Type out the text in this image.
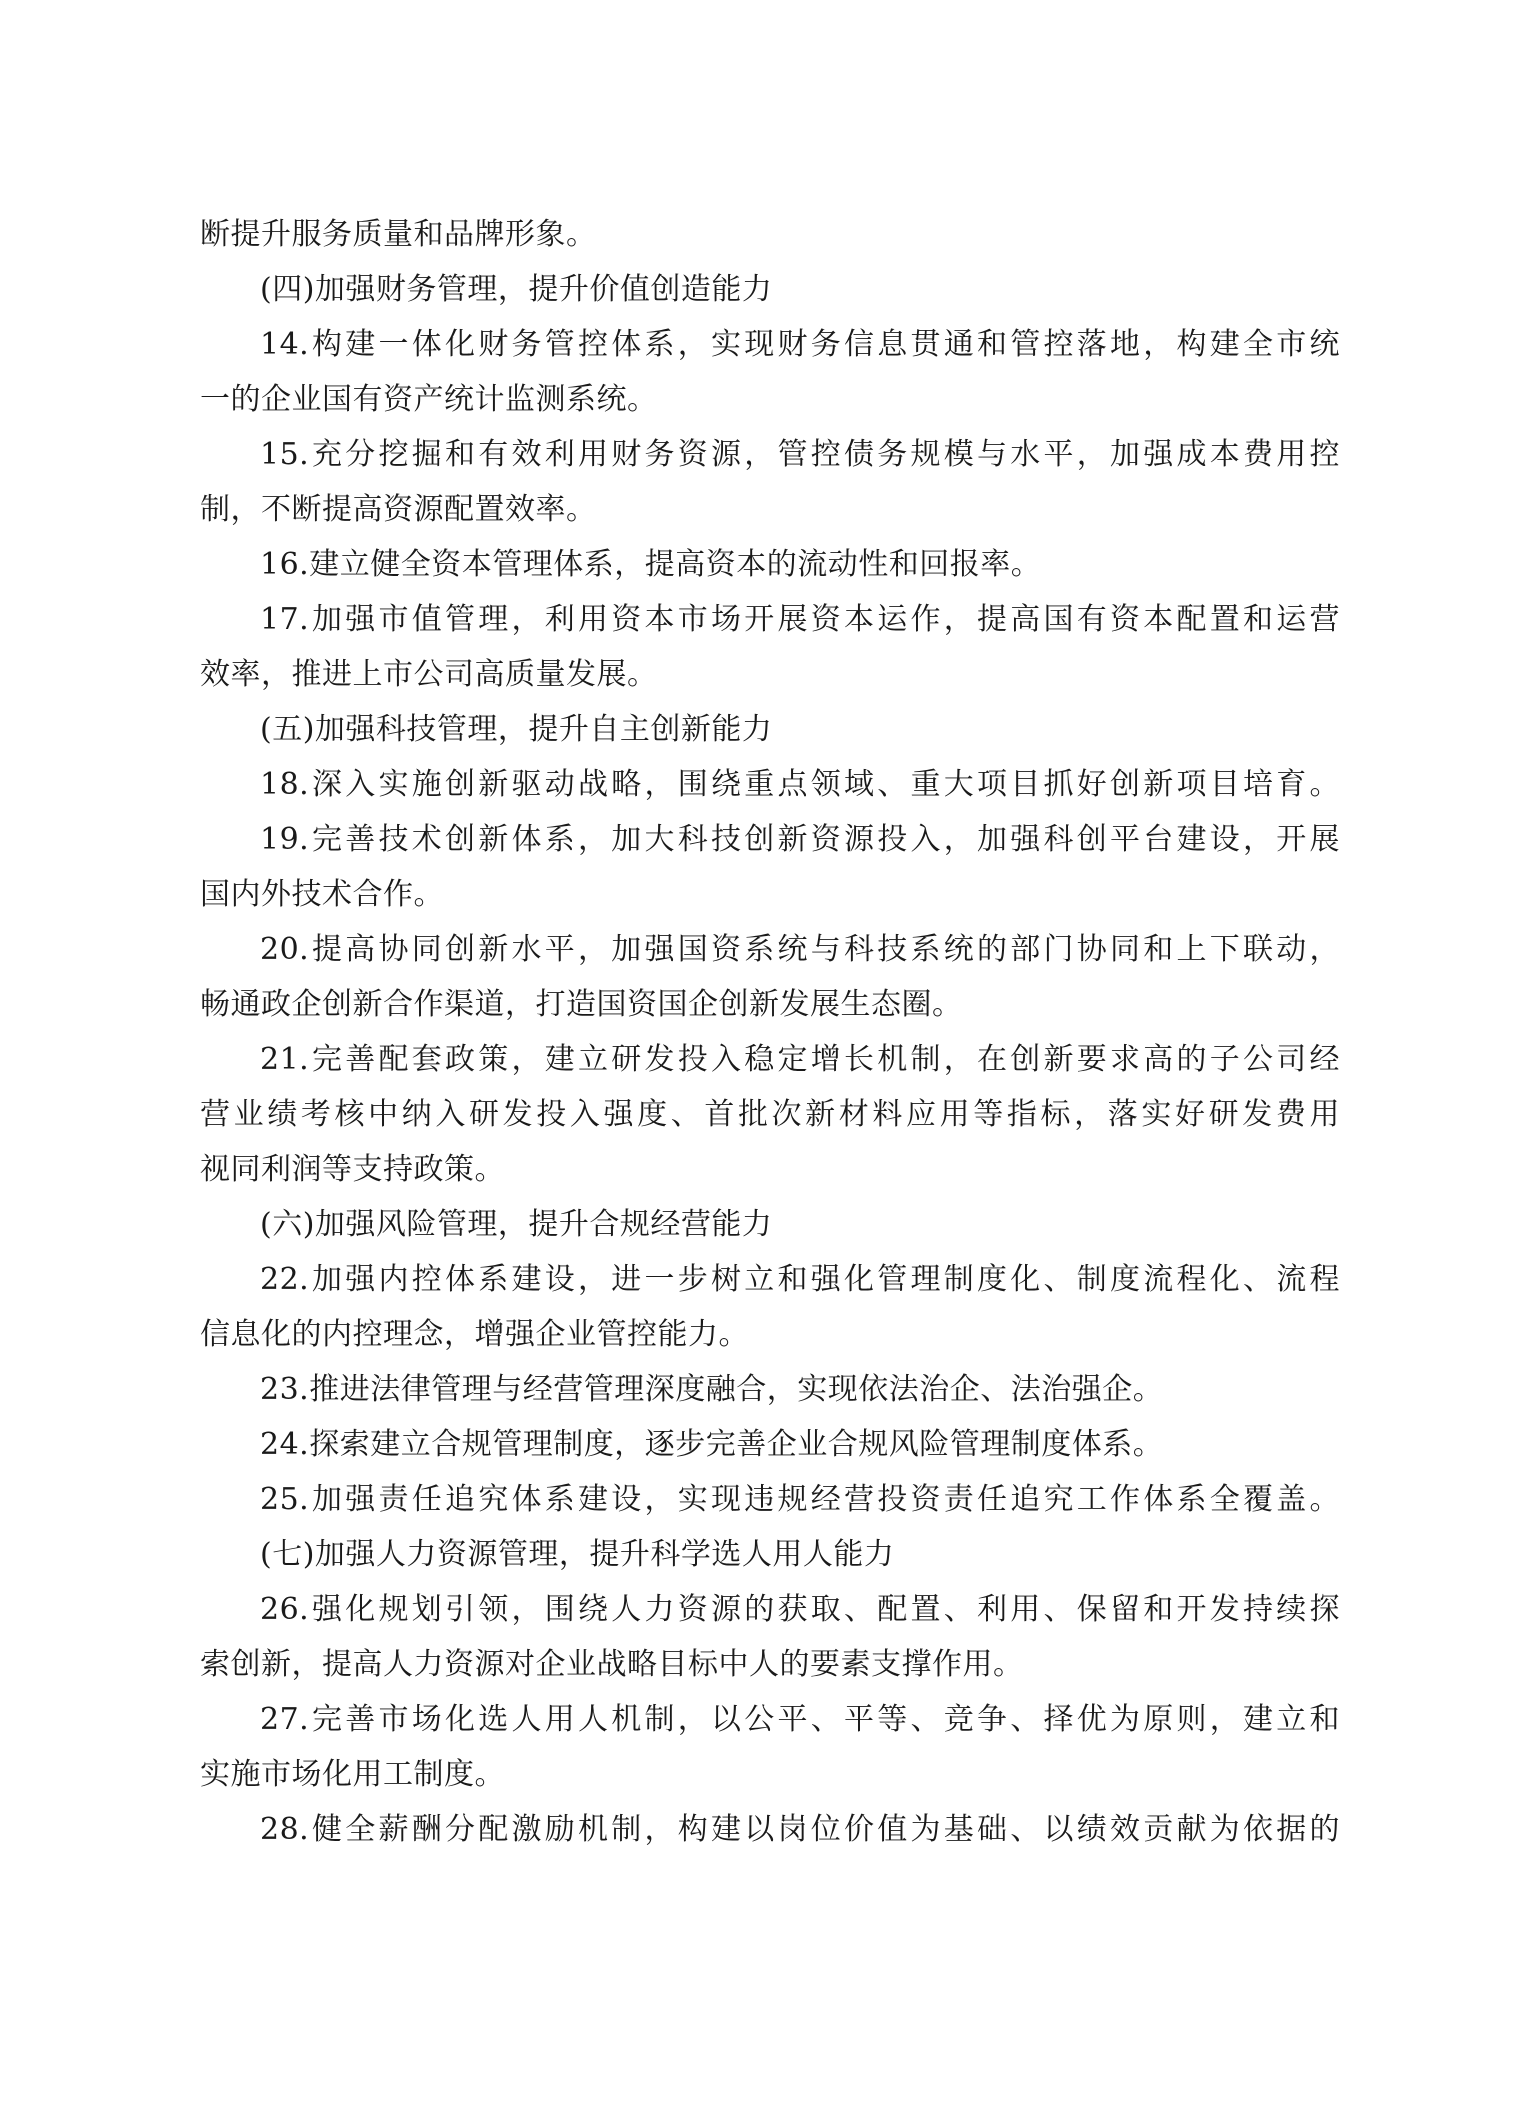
断提升服务质量和品牌形象。
(四)加强财务管理，提升价值创造能力
14.构建一体化财务管控体系，实现财务信息贯通和管控落地，构建全市统
一的企业国有资产统计监测系统。
15.充分挖掘和有效利用财务资源，管控债务规模与水平，加强成本费用控
制，不断提高资源配置效率。
16.建立健全资本管理体系，提高资本的流动性和回报率。
17.加强市值管理，利用资本市场开展资本运作，提高国有资本配置和运营
效率，推进上市公司高质量发展。
(五)加强科技管理，提升自主创新能力
18.深入实施创新驱动战略，围绕重点领域、重大项目抓好创新项目培育。
19.完善技术创新体系，加大科技创新资源投入，加强科创平台建设，开展
国内外技术合作。
20.提高协同创新水平，加强国资系统与科技系统的部门协同和上下联动，
畅通政企创新合作渠道，打造国资国企创新发展生态圈。
21.完善配套政策，建立研发投入稳定增长机制，在创新要求高的子公司经
营业绩考核中纳入研发投入强度、首批次新材料应用等指标，落实好研发费用
视同利润等支持政策。
(六)加强风险管理，提升合规经营能力
22.加强内控体系建设，进一步树立和强化管理制度化、制度流程化、流程
信息化的内控理念，增强企业管控能力。
23.推进法律管理与经营管理深度融合，实现依法治企、法治强企。
24.探索建立合规管理制度，逐步完善企业合规风险管理制度体系。
25.加强责任追究体系建设，实现违规经营投资责任追究工作体系全覆盖。
(七)加强人力资源管理，提升科学选人用人能力
26.强化规划引领，围绕人力资源的获取、配置、利用、保留和开发持续探
索创新，提高人力资源对企业战略目标中人的要素支撑作用。
27.完善市场化选人用人机制，以公平、平等、竞争、择优为原则，建立和
实施市场化用工制度。
28.健全薪酬分配激励机制，构建以岗位价值为基础、以绩效贡献为依据的
